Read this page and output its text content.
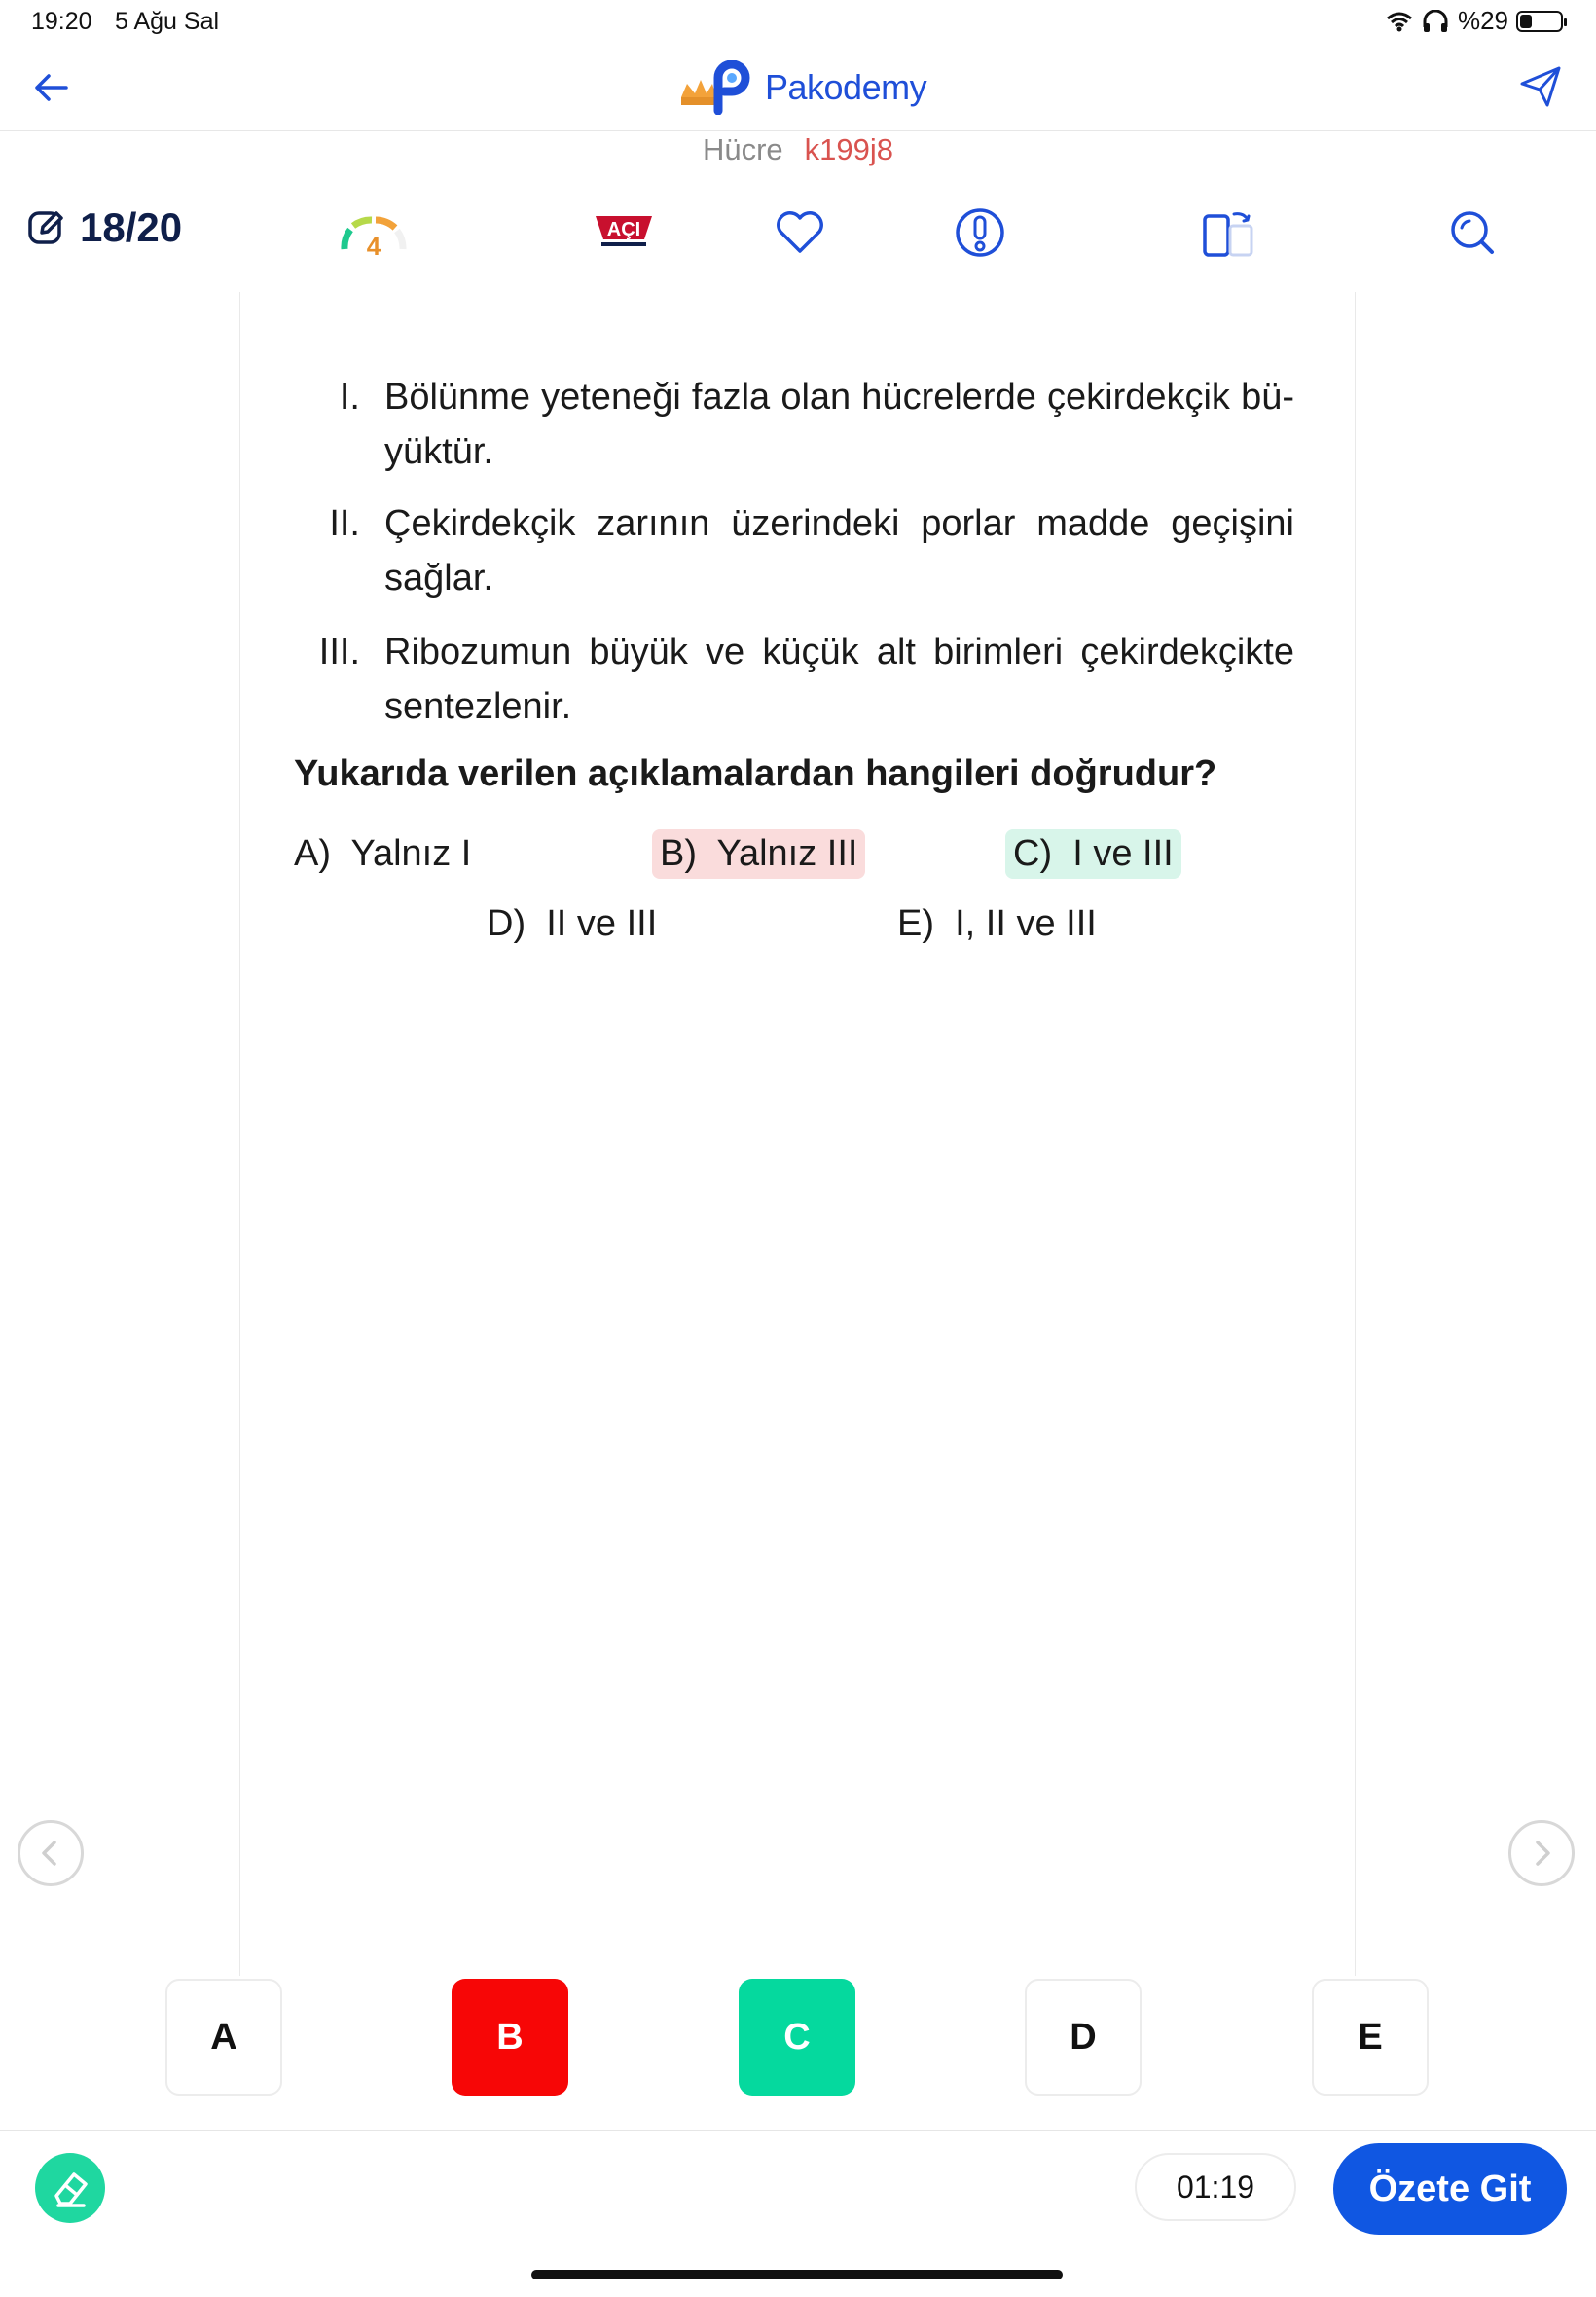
19:20 5 Ağu Sal	%29
Pakodemy
Hücre k199j8
18/20	4
AÇI
I. Bölünme yeteneği fazla olan hücrelerde çekirdekçik bü-yüktür.
II. Çekirdekçik zarının üzerindeki porlar madde geçişini sağlar.
III. Ribozumun büyük ve küçük alt birimleri çekirdekçikte sentezlenir.
Yukarıda verilen açıklamalardan hangileri doğrudur?
A) Yalnız I	B) Yalnız III	C) I ve III
D) II ve III	E) I, II ve III
A	B	C	D	E
01:19	Özete Git
